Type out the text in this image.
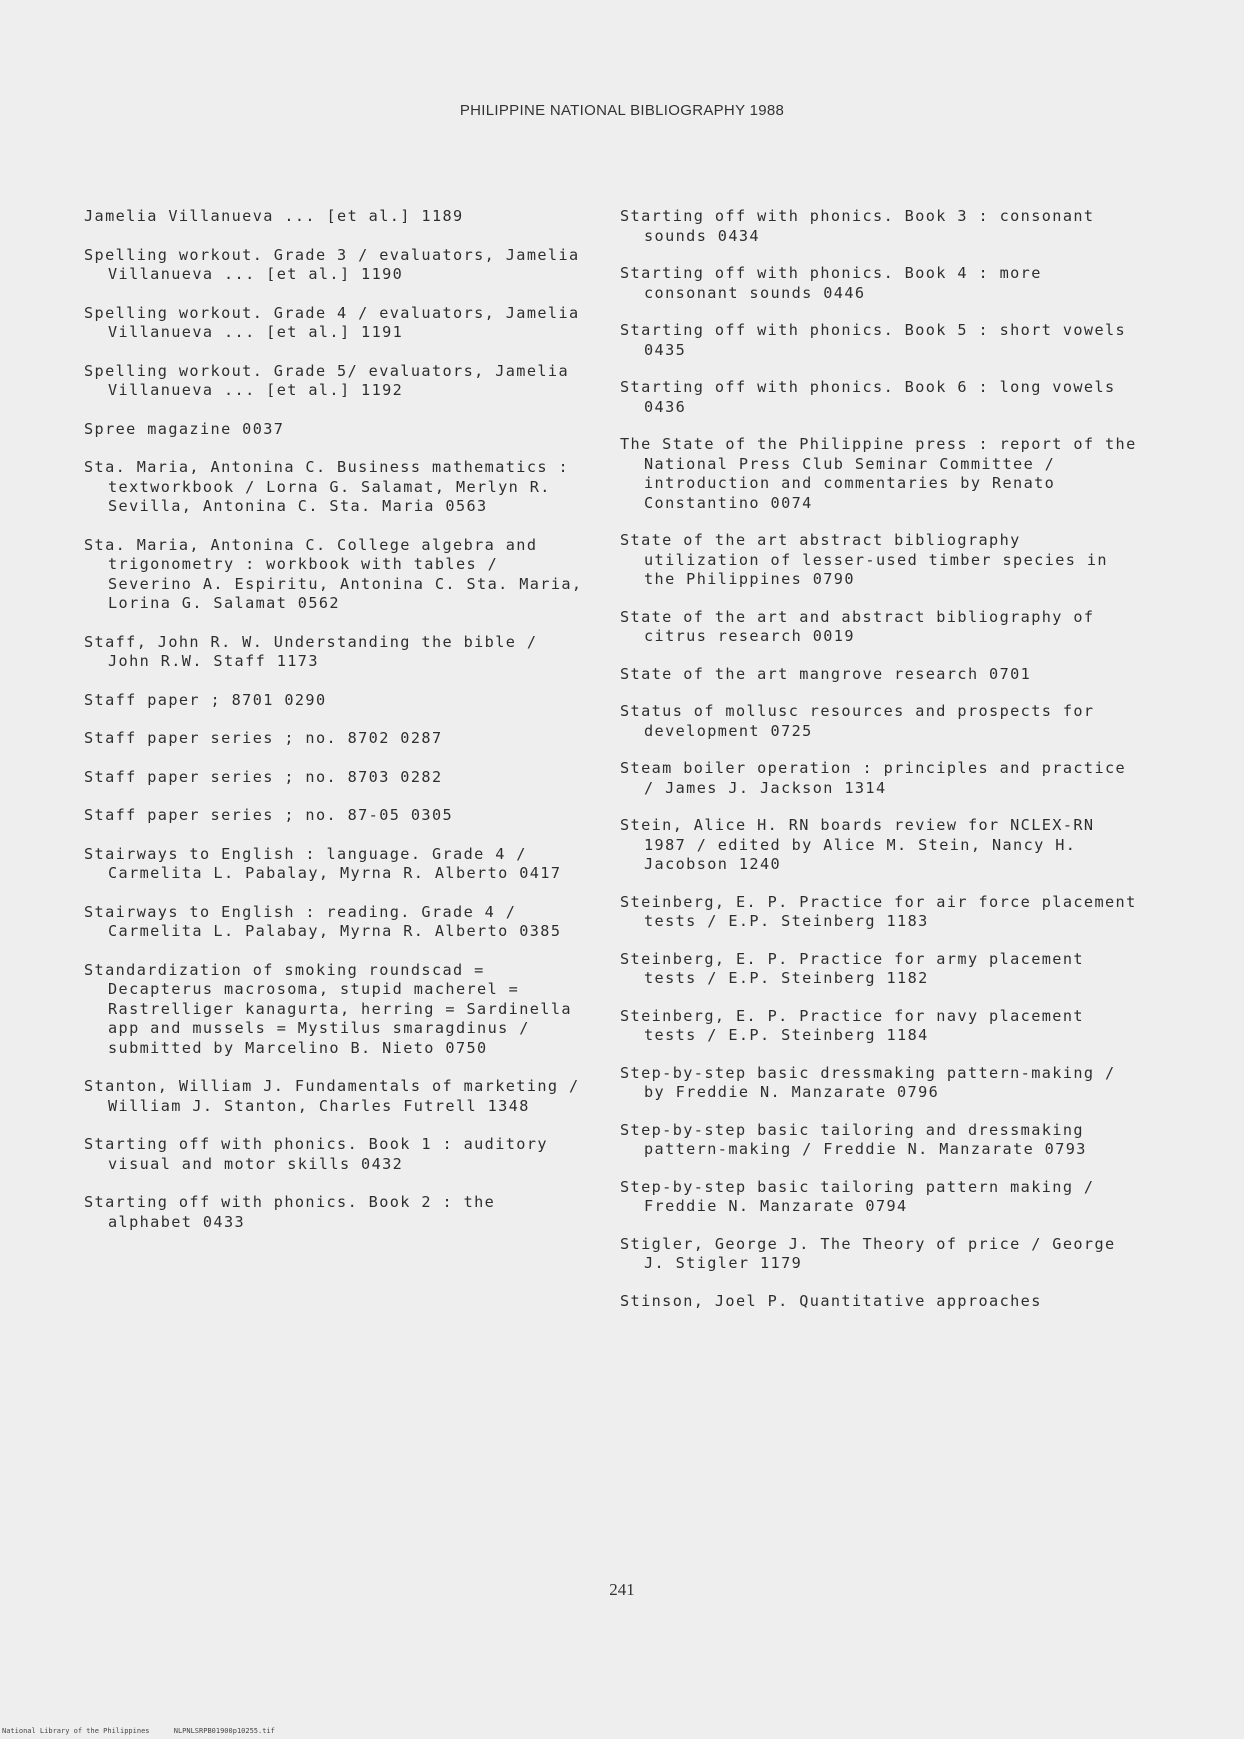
PHILIPPINE NATIONAL BIBLIOGRAPHY 1988

Jamelia Villanueva ... [et al.] 1189

Spelling workout. Grade 3 / evaluators, Jamelia Villanueva ... [et al.] 1190

Spelling workout. Grade 4 / evaluators, Jamelia Villanueva ... [et al.] 1191

Spelling workout. Grade 5/ evaluators, Jamelia Villanueva ... [et al.] 1192

Spree magazine 0037

Sta. Maria, Antonina C. Business mathematics : textworkbook / Lorna G. Salamat, Merlyn R. Sevilla, Antonina C. Sta. Maria 0563

Sta. Maria, Antonina C. College algebra and trigonometry : workbook with tables / Severino A. Espiritu, Antonina C. Sta. Maria, Lorina G. Salamat 0562

Staff, John R. W. Understanding the bible / John R.W. Staff 1173

Staff paper ; 8701 0290

Staff paper series ; no. 8702 0287

Staff paper series ; no. 8703 0282

Staff paper series ; no. 87-05 0305

Stairways to English : language. Grade 4 / Carmelita L. Pabalay, Myrna R. Alberto 0417

Stairways to English : reading. Grade 4 / Carmelita L. Palabay, Myrna R. Alberto 0385

Standardization of smoking roundscad = Decapterus macrosoma, stupid macherel = Rastrelliger kanagurta, herring = Sardinella app and mussels = Mystilus smaragdinus / submitted by Marcelino B. Nieto 0750

Stanton, William J. Fundamentals of marketing / William J. Stanton, Charles Futrell 1348

Starting off with phonics. Book 1 : auditory visual and motor skills 0432

Starting off with phonics. Book 2 : the alphabet 0433

Starting off with phonics. Book 3 : consonant sounds 0434

Starting off with phonics. Book 4 : more consonant sounds 0446

Starting off with phonics. Book 5 : short vowels 0435

Starting off with phonics. Book 6 : long vowels 0436

The State of the Philippine press : report of the National Press Club Seminar Committee / introduction and commentaries by Renato Constantino 0074

State of the art abstract bibliography utilization of lesser-used timber species in the Philippines 0790

State of the art and abstract bibliography of citrus research 0019

State of the art mangrove research 0701

Status of mollusc resources and prospects for development 0725

Steam boiler operation : principles and practice / James J. Jackson 1314

Stein, Alice H. RN boards review for NCLEX-RN 1987 / edited by Alice M. Stein, Nancy H. Jacobson 1240

Steinberg, E. P. Practice for air force placement tests / E.P. Steinberg 1183

Steinberg, E. P. Practice for army placement tests / E.P. Steinberg 1182

Steinberg, E. P. Practice for navy placement tests / E.P. Steinberg 1184

Step-by-step basic dressmaking pattern-making / by Freddie N. Manzarate 0796

Step-by-step basic tailoring and dressmaking pattern-making / Freddie N. Manzarate 0793

Step-by-step basic tailoring pattern making / Freddie N. Manzarate 0794

Stigler, George J. The Theory of price / George J. Stigler 1179

Stinson, Joel P. Quantitative approaches

241
National Library of the Philippines	NLPNLSRPB01900p10255.tif
